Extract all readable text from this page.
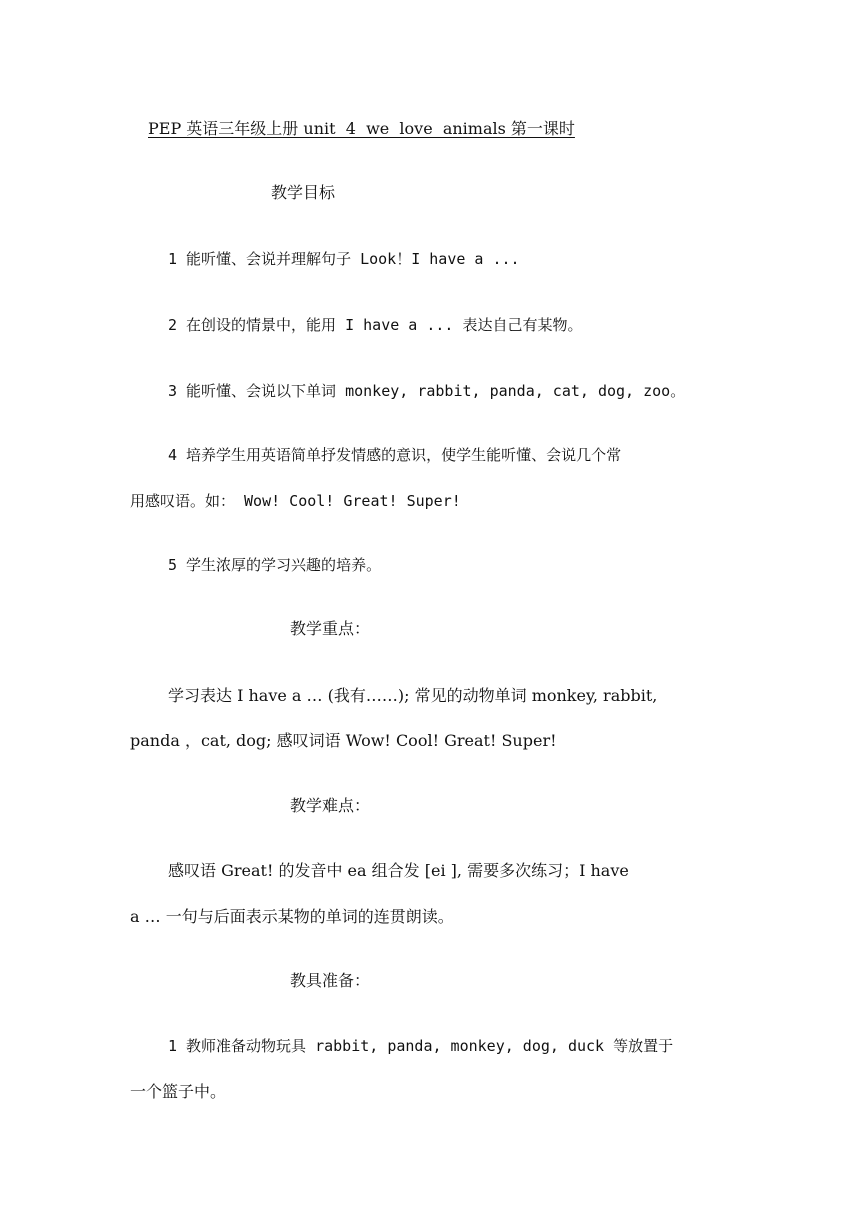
PEP 英语三年级上册 unit  4  we  love  animals 第一课时
教学目标
1 能听懂、会说并理解句子 Look！I have a ...
2 在创设的情景中，能用 I have a ... 表达自己有某物。
3 能听懂、会说以下单词 monkey, rabbit, panda, cat, dog, zoo。
4 培养学生用英语简单抒发情感的意识，使学生能听懂、会说几个常
用感叹语。如： Wow! Cool! Great! Super!
5 学生浓厚的学习兴趣的培养。
教学重点：
学习表达 I have a … (我有……); 常见的动物单词 monkey, rabbit,
panda ，cat, dog; 感叹词语 Wow! Cool! Great! Super!
教学难点：
感叹语 Great! 的发音中 ea 组合发 [ei ], 需要多次练习；I have
a … 一句与后面表示某物的单词的连贯朗读。
教具准备：
1 教师准备动物玩具 rabbit, panda, monkey, dog, duck 等放置于
一个篮子中。
